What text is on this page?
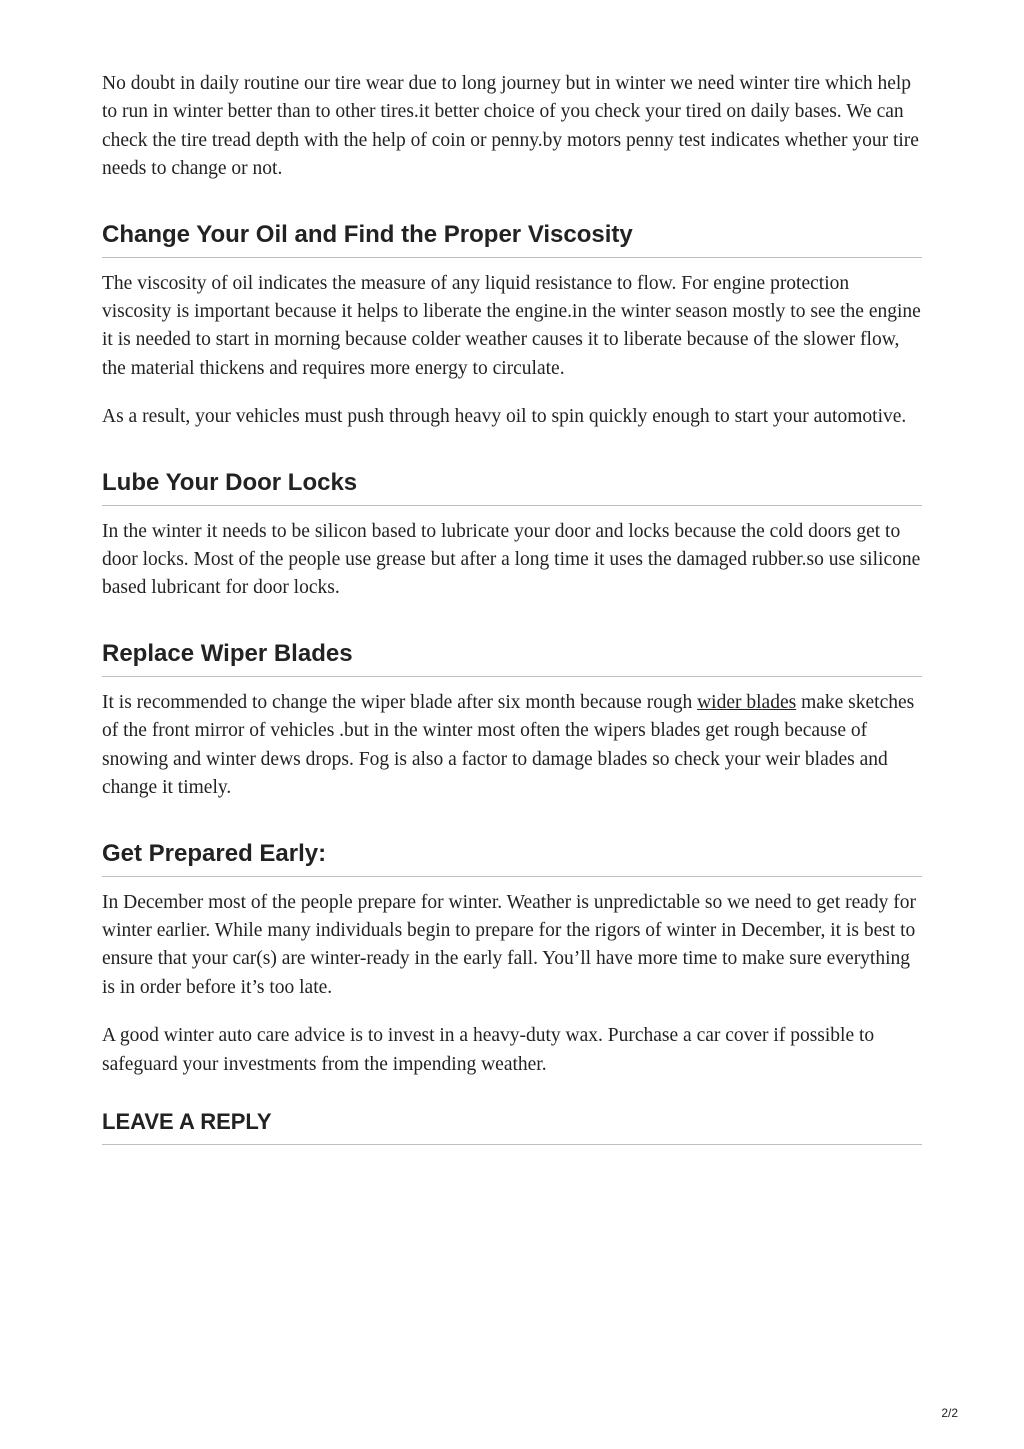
No doubt in daily routine our tire wear due to long journey but in winter we need winter tire which help to run in winter better than to other tires.it better choice of you check your tired on daily bases. We can check the tire tread depth with the help of coin or penny.by motors penny test indicates whether your tire needs to change or not.

Change Your Oil and Find the Proper Viscosity

The viscosity of oil indicates the measure of any liquid resistance to flow. For engine protection viscosity is important because it helps to liberate the engine.in the winter season mostly to see the engine it is needed to start in morning because colder weather causes it to liberate because of the slower flow, the material thickens and requires more energy to circulate.

As a result, your vehicles must push through heavy oil to spin quickly enough to start your automotive.

Lube Your Door Locks

In the winter it needs to be silicon based to lubricate your door and locks because the cold doors get to door locks. Most of the people use grease but after a long time it uses the damaged rubber.so use silicone based lubricant for door locks.

Replace Wiper Blades

It is recommended to change the wiper blade after six month because rough wider blades make sketches of the front mirror of vehicles .but in the winter most often the wipers blades get rough because of snowing and winter dews drops. Fog is also a factor to damage blades so check your weir blades and change it timely.

Get Prepared Early:

In December most of the people prepare for winter. Weather is unpredictable so we need to get ready for winter earlier. While many individuals begin to prepare for the rigors of winter in December, it is best to ensure that your car(s) are winter-ready in the early fall. You’ll have more time to make sure everything is in order before it’s too late.

A good winter auto care advice is to invest in a heavy-duty wax. Purchase a car cover if possible to safeguard your investments from the impending weather.

LEAVE A REPLY
2/2
